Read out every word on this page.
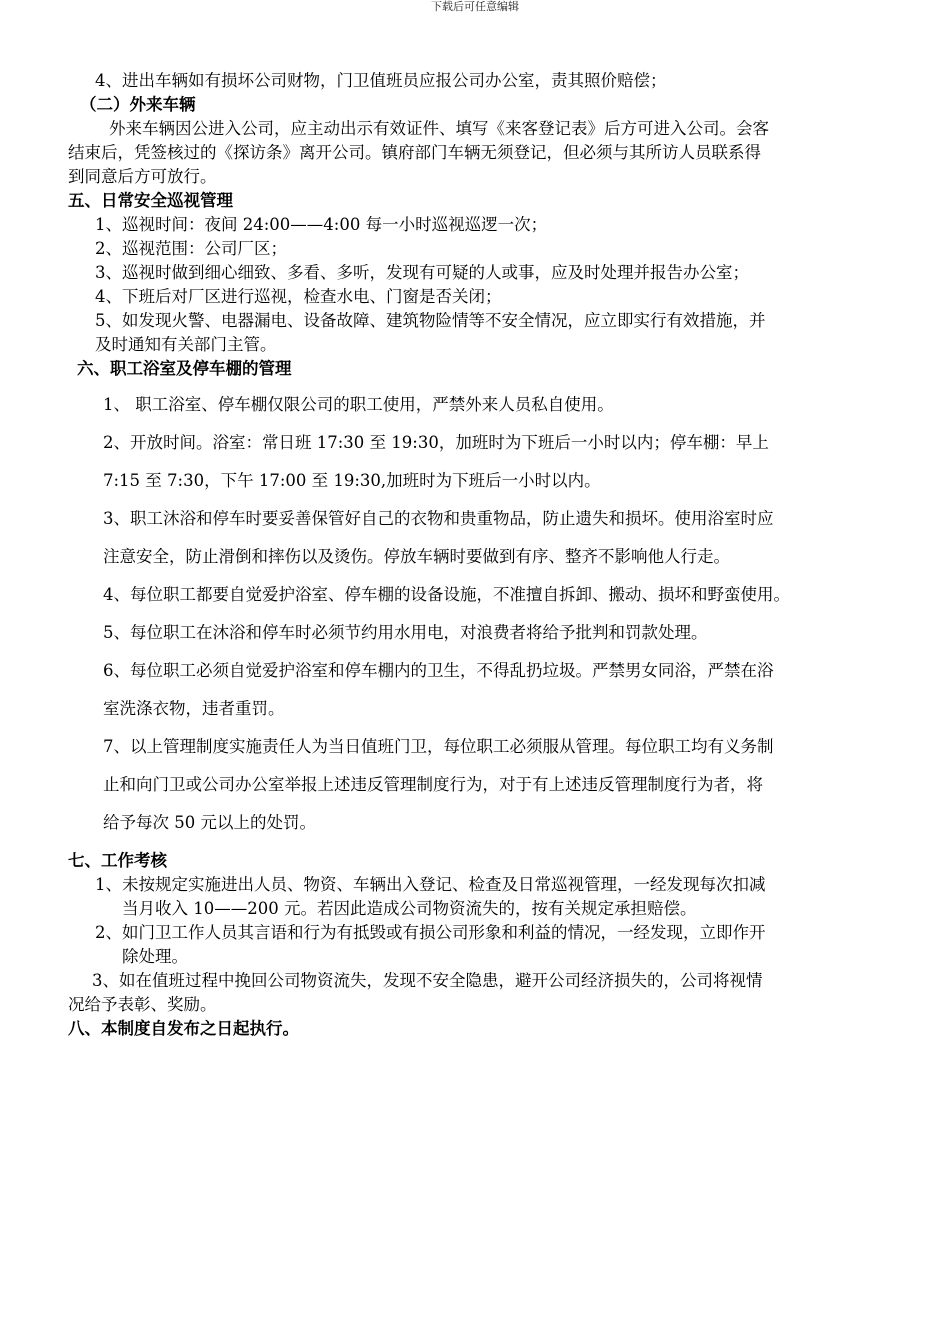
下载后可任意编辑
4、进出车辆如有损坏公司财物，门卫值班员应报公司办公室，责其照价赔偿；
（二）外来车辆
外来车辆因公进入公司，应主动出示有效证件、填写《来客登记表》后方可进入公司。会客
结束后，凭签核过的《探访条》离开公司。镇府部门车辆无须登记，但必须与其所访人员联系得
到同意后方可放行。
五、日常安全巡视管理
1、巡视时间：夜间 24:00——4:00 每一小时巡视巡逻一次；
2、巡视范围：公司厂区；
3、巡视时做到细心细致、多看、多听，发现有可疑的人或事，应及时处理并报告办公室；
4、下班后对厂区进行巡视，检查水电、门窗是否关闭；
5、如发现火警、电器漏电、设备故障、建筑物险情等不安全情况，应立即实行有效措施，并
及时通知有关部门主管。
六、职工浴室及停车棚的管理
1、 职工浴室、停车棚仅限公司的职工使用，严禁外来人员私自使用。
2、开放时间。浴室：常日班 17:30 至 19:30，加班时为下班后一小时以内；停车棚：早上
7:15 至 7:30，下午 17:00 至 19:30,加班时为下班后一小时以内。
3、职工沐浴和停车时要妥善保管好自己的衣物和贵重物品，防止遗失和损坏。使用浴室时应
注意安全，防止滑倒和摔伤以及烫伤。停放车辆时要做到有序、整齐不影响他人行走。
4、每位职工都要自觉爱护浴室、停车棚的设备设施，不准擅自拆卸、搬动、损坏和野蛮使用。
5、每位职工在沐浴和停车时必须节约用水用电，对浪费者将给予批判和罚款处理。
6、每位职工必须自觉爱护浴室和停车棚内的卫生，不得乱扔垃圾。严禁男女同浴，严禁在浴
室洗涤衣物，违者重罚。
7、以上管理制度实施责任人为当日值班门卫，每位职工必须服从管理。每位职工均有义务制
止和向门卫或公司办公室举报上述违反管理制度行为，对于有上述违反管理制度行为者，将
给予每次 50 元以上的处罚。
七、工作考核
1、未按规定实施进出人员、物资、车辆出入登记、检查及日常巡视管理，一经发现每次扣减
当月收入 10——200 元。若因此造成公司物资流失的，按有关规定承担赔偿。
2、如门卫工作人员其言语和行为有抵毁或有损公司形象和利益的情况，一经发现，立即作开
除处理。
3、如在值班过程中挽回公司物资流失，发现不安全隐患，避开公司经济损失的，公司将视情
况给予表彰、奖励。
八、本制度自发布之日起执行。
